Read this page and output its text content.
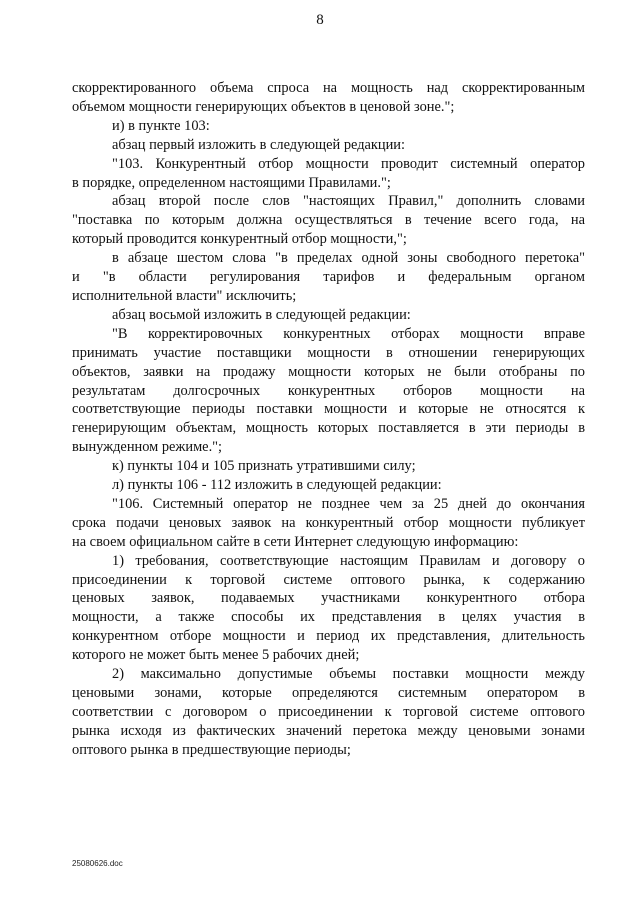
8

скорректированного объема спроса на мощность над скорректированным

объемом мощности генерирующих объектов в ценовой зоне.";

и) в пункте 103:

абзац первый изложить в следующей редакции:

"103. Конкурентный отбор мощности проводит системный оператор

в порядке, определенном настоящими Правилами.";

абзац второй после слов "настоящих Правил," дополнить словами

"поставка по которым должна осуществляться в течение всего года, на

который проводится конкурентный отбор мощности,";

в абзаце шестом слова "в пределах одной зоны свободного перетока"

и "в области регулирования тарифов и федеральным органом

исполнительной власти" исключить;

абзац восьмой изложить в следующей редакции:

"В корректировочных конкурентных отборах мощности вправе

принимать участие поставщики мощности в отношении генерирующих

объектов, заявки на продажу мощности которых не были отобраны по

результатам долгосрочных конкурентных отборов мощности на

соответствующие периоды поставки мощности и которые не относятся к

генерирующим объектам, мощность которых поставляется в эти периоды в

вынужденном режиме.";

к) пункты 104 и 105 признать утратившими силу;

л) пункты 106 - 112 изложить в следующей редакции:

"106. Системный оператор не позднее чем за 25 дней до окончания

срока подачи ценовых заявок на конкурентный отбор мощности публикует

на своем официальном сайте в сети Интернет следующую информацию:

1) требования, соответствующие настоящим Правилам и договору о

присоединении к торговой системе оптового рынка, к содержанию

ценовых заявок, подаваемых участниками конкурентного отбора

мощности, а также способы их представления в целях участия в

конкурентном отборе мощности и период их представления, длительность

которого не может быть менее 5 рабочих дней;

2) максимально допустимые объемы поставки мощности между

ценовыми зонами, которые определяются системным оператором в

соответствии с договором о присоединении к торговой системе оптового

рынка исходя из фактических значений перетока между ценовыми зонами

оптового рынка в предшествующие периоды;

25080626.doc
